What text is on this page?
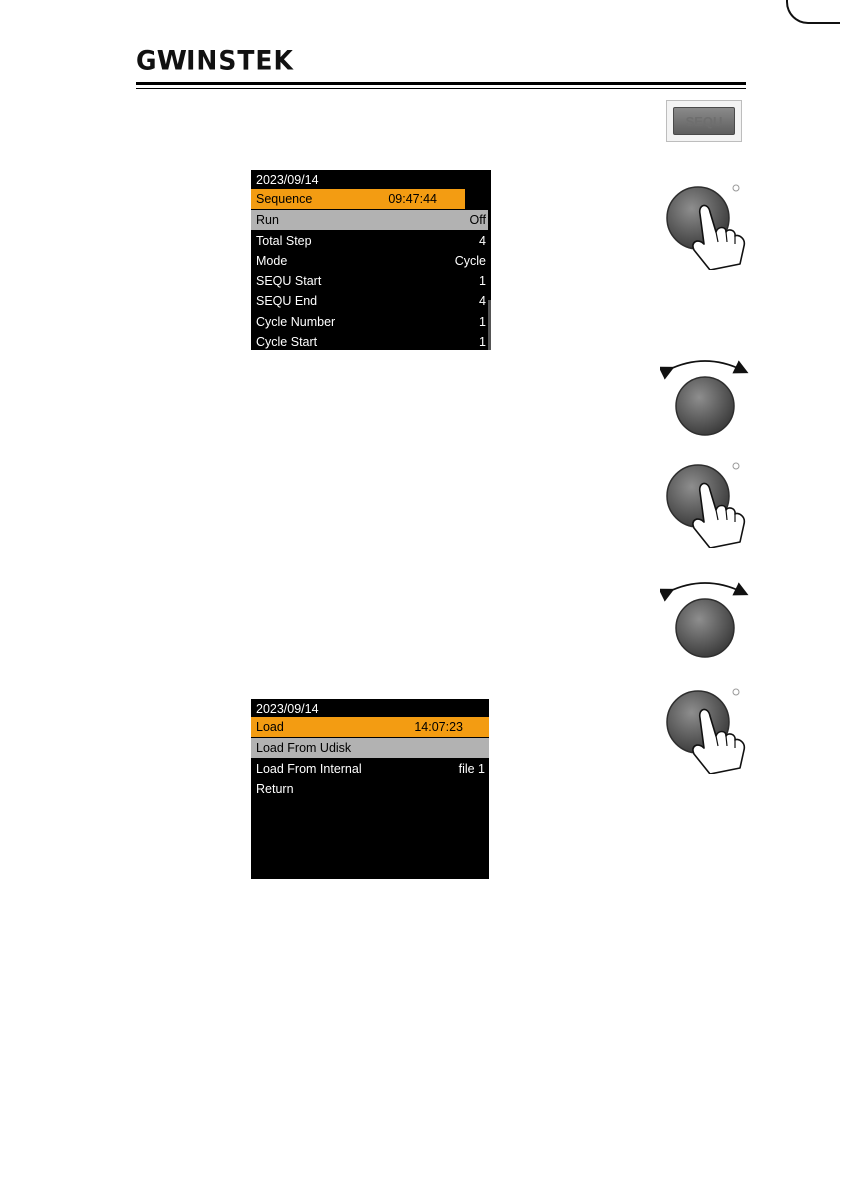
GWINSTEK
SEQU
2023/09/14
Sequence	09:47:44
Run	Off
Total Step	4
Mode	Cycle
SEQU Start	1
SEQU End	4
Cycle Number	1
Cycle Start	1
2023/09/14
Load	14:07:23
Load From Udisk
Load From Internal	file 1
Return
